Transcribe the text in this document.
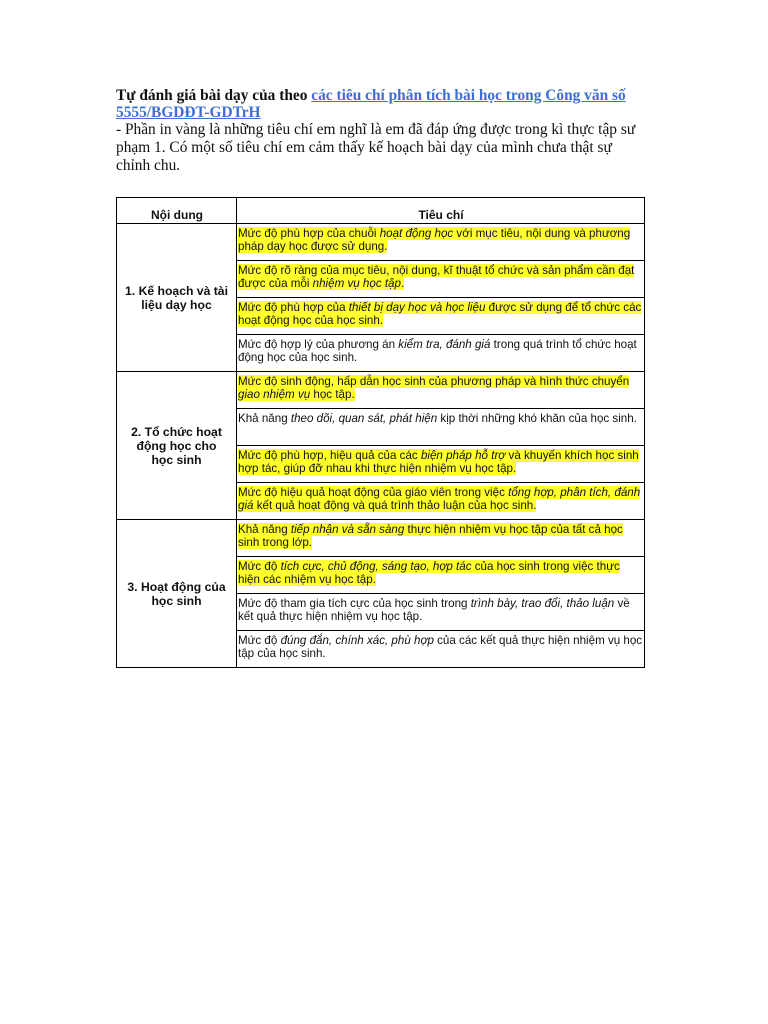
Tự đánh giá bài dạy của theo các tiêu chí phân tích bài học trong Công văn số 5555/BGDĐT-GDTrH

- Phần in vàng là những tiêu chí em nghĩ là em đã đáp ứng được trong kì thực tập sư phạm 1. Có một số tiêu chí em cảm thấy kế hoạch bài dạy của mình chưa thật sự chỉnh chu.

Nội dung	Tiêu chí
1. Kế hoạch và tài liệu dạy học	Mức độ phù hợp của chuỗi hoạt động học với mục tiêu, nội dung và phương pháp dạy học được sử dụng.
	Mức độ rõ ràng của mục tiêu, nội dung, kĩ thuật tổ chức và sản phẩm cần đạt được của mỗi nhiệm vụ học tập.
	Mức độ phù hợp của thiết bị dạy học và học liệu được sử dụng để tổ chức các hoạt động học của học sinh.
	Mức độ hợp lý của phương án kiểm tra, đánh giá trong quá trình tổ chức hoạt động học của học sinh.
2. Tổ chức hoạt động học cho học sinh	Mức độ sinh động, hấp dẫn học sinh của phương pháp và hình thức chuyển giao nhiệm vụ học tập.
	Khả năng theo dõi, quan sát, phát hiện kịp thời những khó khăn của học sinh.
	Mức độ phù hợp, hiệu quả của các biện pháp hỗ trợ và khuyến khích học sinh hợp tác, giúp đỡ nhau khi thực hiện nhiệm vụ học tập.
	Mức độ hiệu quả hoạt động của giáo viên trong việc tổng hợp, phân tích, đánh giá kết quả hoạt động và quá trình thảo luận của học sinh.
3. Hoạt động của học sinh	Khả năng tiếp nhận và sẵn sàng thực hiện nhiệm vụ học tập của tất cả học sinh trong lớp.
	Mức độ tích cực, chủ động, sáng tạo, hợp tác của học sinh trong việc thực hiện các nhiệm vụ học tập.
	Mức độ tham gia tích cực của học sinh trong trình bày, trao đổi, thảo luận về kết quả thực hiện nhiệm vụ học tập.
	Mức độ đúng đắn, chính xác, phù hợp của các kết quả thực hiện nhiệm vụ học tập của học sinh.
